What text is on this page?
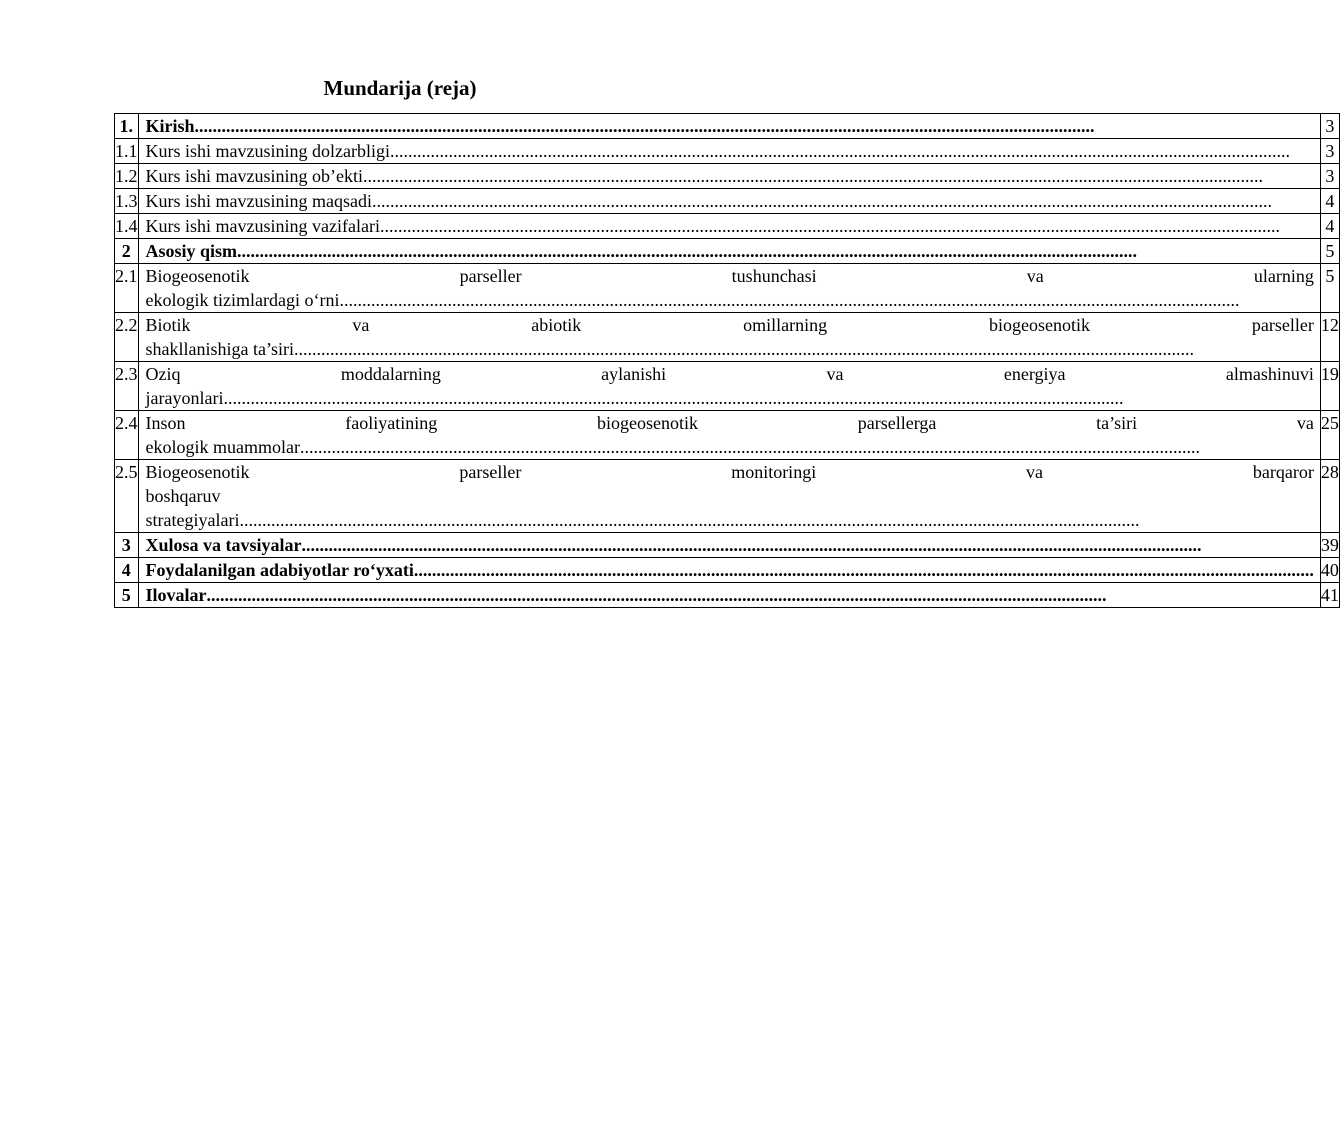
Mundarija (reja)
1.	Kirish ........................................................................................................................................................................................................	3
1.1	Kurs ishi mavzusining dolzarbligi ........................................................................................................................................................................................................	3
1.2	Kurs ishi mavzusining ob’ekti ........................................................................................................................................................................................................	3
1.3	Kurs ishi mavzusining maqsadi ........................................................................................................................................................................................................	4
1.4	Kurs ishi mavzusining vazifalari ........................................................................................................................................................................................................	4
2	Asosiy qism ........................................................................................................................................................................................................	5
2.1	Biogeosenotik parseller tushunchasi va ularning
ekologik tizimlardagi o‘rni ........................................................................................................................................................................................................	5
2.2	Biotik va abiotik omillarning biogeosenotik parseller
shakllanishiga ta’siri ........................................................................................................................................................................................................	12
2.3	Oziq moddalarning aylanishi va energiya almashinuvi
jarayonlari ........................................................................................................................................................................................................	19
2.4	Inson faoliyatining biogeosenotik parsellerga ta’siri va
ekologik muammolar ........................................................................................................................................................................................................	25
2.5	Biogeosenotik parseller monitoringi va barqaror
boshqaruv
strategiyalari ........................................................................................................................................................................................................	28
3	Xulosa va tavsiyalar ........................................................................................................................................................................................................	39
4	Foydalanilgan adabiyotlar ro‘yxati ........................................................................................................................................................................................................	40
5	Ilovalar ........................................................................................................................................................................................................	41
